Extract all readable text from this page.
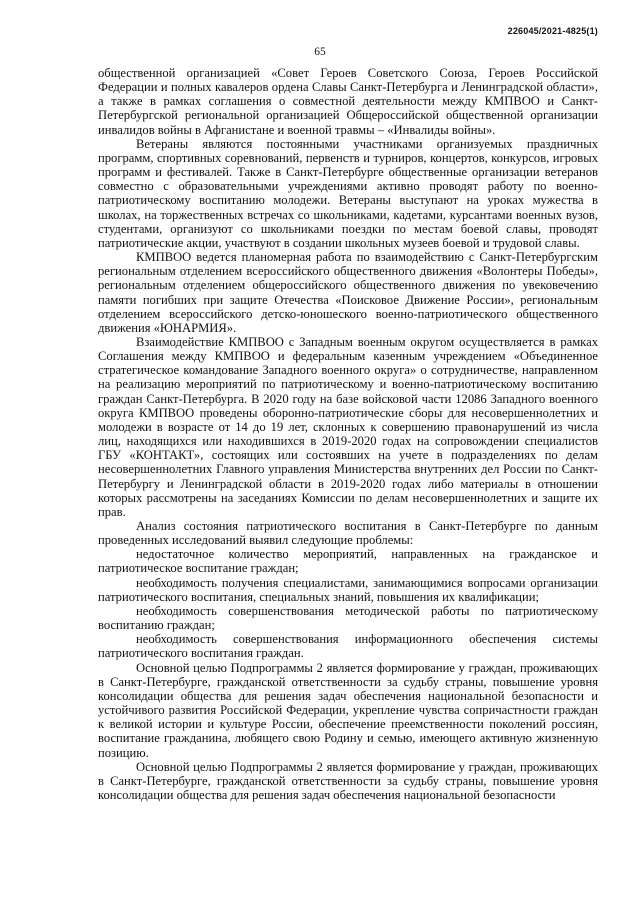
226045/2021-4825(1)
65

общественной организацией «Совет Героев Советского Союза, Героев Российской Федерации и полных кавалеров ордена Славы Санкт-Петербурга и Ленинградской области», а также в рамках соглашения о совместной деятельности между КМПВОО и Санкт-Петербургской региональной организацией Общероссийской общественной организации инвалидов войны в Афганистане и военной травмы – «Инвалиды войны».

Ветераны являются постоянными участниками организуемых праздничных программ, спортивных соревнований, первенств и турниров, концертов, конкурсов, игровых программ и фестивалей. Также в Санкт-Петербурге общественные организации ветеранов совместно с образовательными учреждениями активно проводят работу по военно-патриотическому воспитанию молодежи. Ветераны выступают на уроках мужества в школах, на торжественных встречах со школьниками, кадетами, курсантами военных вузов, студентами, организуют со школьниками поездки по местам боевой славы, проводят патриотические акции, участвуют в создании школьных музеев боевой и трудовой славы.

КМПВОО ведется планомерная работа по взаимодействию с Санкт-Петербургским региональным отделением всероссийского общественного движения «Волонтеры Победы», региональным отделением общероссийского общественного движения по увековечению памяти погибших при защите Отечества «Поисковое Движение России», региональным отделением всероссийского детско-юношеского военно-патриотического общественного движения «ЮНАРМИЯ».

Взаимодействие КМПВОО с Западным военным округом осуществляется в рамках Соглашения между КМПВОО и федеральным казенным учреждением «Объединенное стратегическое командование Западного военного округа» о сотрудничестве, направленном на реализацию мероприятий по патриотическому и военно-патриотическому воспитанию граждан Санкт-Петербурга. В 2020 году на базе войсковой части 12086 Западного военного округа КМПВОО проведены оборонно-патриотические сборы для несовершеннолетних и молодежи в возрасте от 14 до 19 лет, склонных к совершению правонарушений из числа лиц, находящихся или находившихся в 2019-2020 годах на сопровождении специалистов ГБУ «КОНТАКТ», состоящих или состоявших на учете в подразделениях по делам несовершеннолетних Главного управления Министерства внутренних дел России по Санкт-Петербургу и Ленинградской области в 2019-2020 годах либо материалы в отношении которых рассмотрены на заседаниях Комиссии по делам несовершеннолетних и защите их прав.

Анализ состояния патриотического воспитания в Санкт-Петербурге по данным проведенных исследований выявил следующие проблемы:

недостаточное количество мероприятий, направленных на гражданское и патриотическое воспитание граждан;
необходимость получения специалистами, занимающимися вопросами организации патриотического воспитания, специальных знаний, повышения их квалификации;
необходимость совершенствования методической работы по патриотическому воспитанию граждан;
необходимость совершенствования информационного обеспечения системы патриотического воспитания граждан.

Основной целью Подпрограммы 2 является формирование у граждан, проживающих в Санкт-Петербурге, гражданской ответственности за судьбу страны, повышение уровня консолидации общества для решения задач обеспечения национальной безопасности и устойчивого развития Российской Федерации, укрепление чувства сопричастности граждан к великой истории и культуре России, обеспечение преемственности поколений россиян, воспитание гражданина, любящего свою Родину и семью, имеющего активную жизненную позицию.

Основной целью Подпрограммы 2 является формирование у граждан, проживающих в Санкт-Петербурге, гражданской ответственности за судьбу страны, повышение уровня консолидации общества для решения задач обеспечения национальной безопасности
